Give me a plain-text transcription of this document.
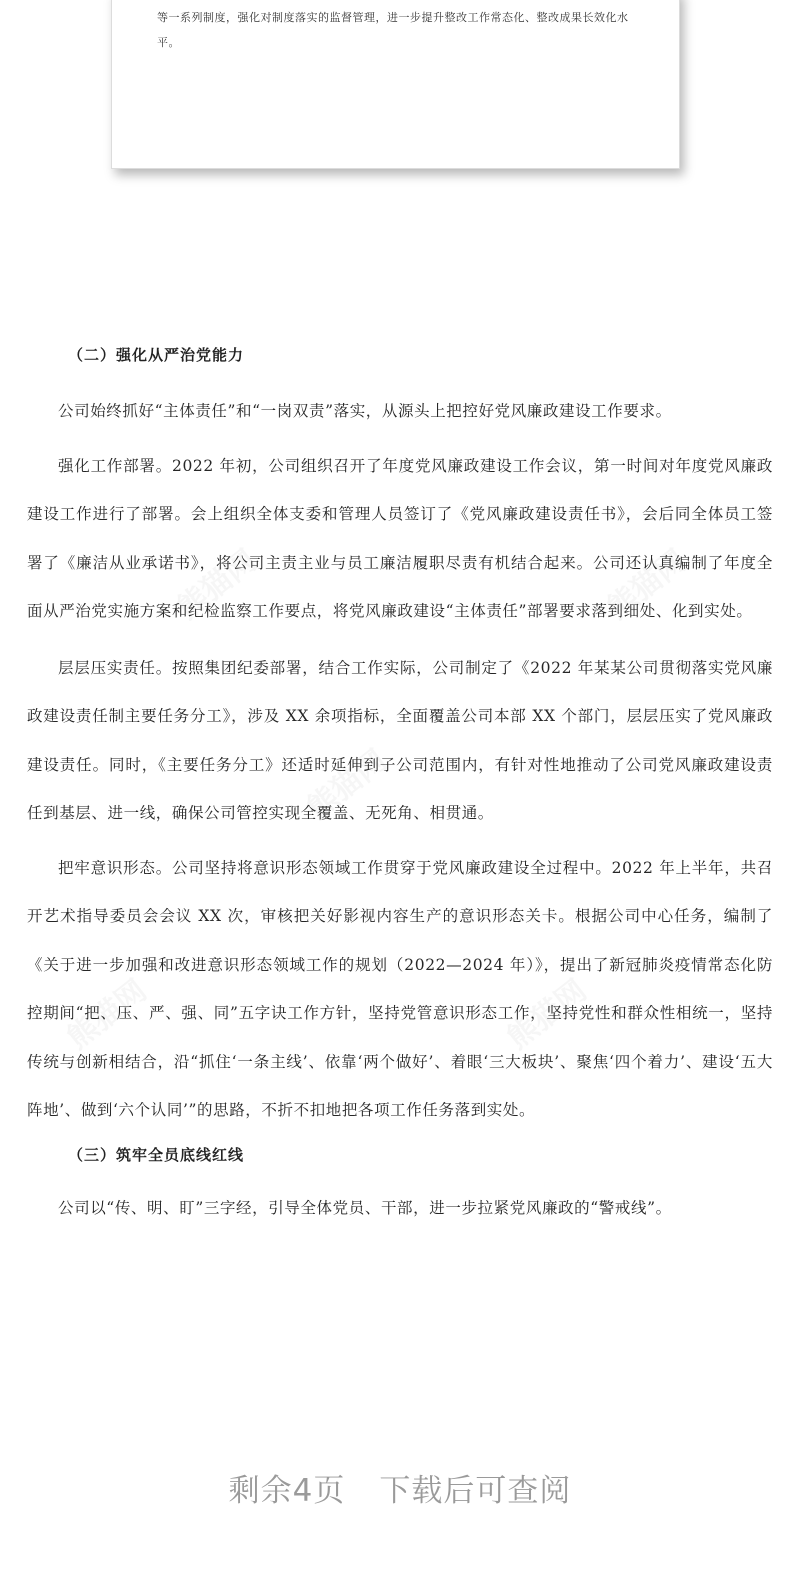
等一系列制度，强化对制度落实的监督管理，进一步提升整改工作常态化、整改成果长效化水
平。

熊猫网	熊猫网
熊猫网
熊猫网	熊猫网
（二）强化从严治党能力

公司始终抓好“主体责任”和“一岗双责”落实，从源头上把控好党风廉政建设工作要求。

强化工作部署。2022 年初，公司组织召开了年度党风廉政建设工作会议，第一时间对年度党风廉政建设工作进行了部署。会上组织全体支委和管理人员签订了《党风廉政建设责任书》，会后同全体员工签署了《廉洁从业承诺书》，将公司主责主业与员工廉洁履职尽责有机结合起来。公司还认真编制了年度全面从严治党实施方案和纪检监察工作要点，将党风廉政建设“主体责任”部署要求落到细处、化到实处。

层层压实责任。按照集团纪委部署，结合工作实际，公司制定了《2022 年某某公司贯彻落实党风廉政建设责任制主要任务分工》，涉及 XX 余项指标，全面覆盖公司本部 XX 个部门，层层压实了党风廉政建设责任。同时，《主要任务分工》还适时延伸到子公司范围内，有针对性地推动了公司党风廉政建设责任到基层、进一线，确保公司管控实现全覆盖、无死角、相贯通。

把牢意识形态。公司坚持将意识形态领域工作贯穿于党风廉政建设全过程中。2022 年上半年，共召开艺术指导委员会会议 XX 次，审核把关好影视内容生产的意识形态关卡。根据公司中心任务，编制了《关于进一步加强和改进意识形态领域工作的规划（2022—2024 年）》，提出了新冠肺炎疫情常态化防控期间“把、压、严、强、同”五字诀工作方针，坚持党管意识形态工作，坚持党性和群众性相统一，坚持传统与创新相结合，沿“抓住‘一条主线’、依靠‘两个做好’、着眼‘三大板块’、聚焦‘四个着力’、建设‘五大阵地’、做到‘六个认同’”的思路，不折不扣地把各项工作任务落到实处。

（三）筑牢全员底线红线

公司以“传、明、盯”三字经，引导全体党员、干部，进一步拉紧党风廉政的“警戒线”。

剩余4页 下载后可查阅
